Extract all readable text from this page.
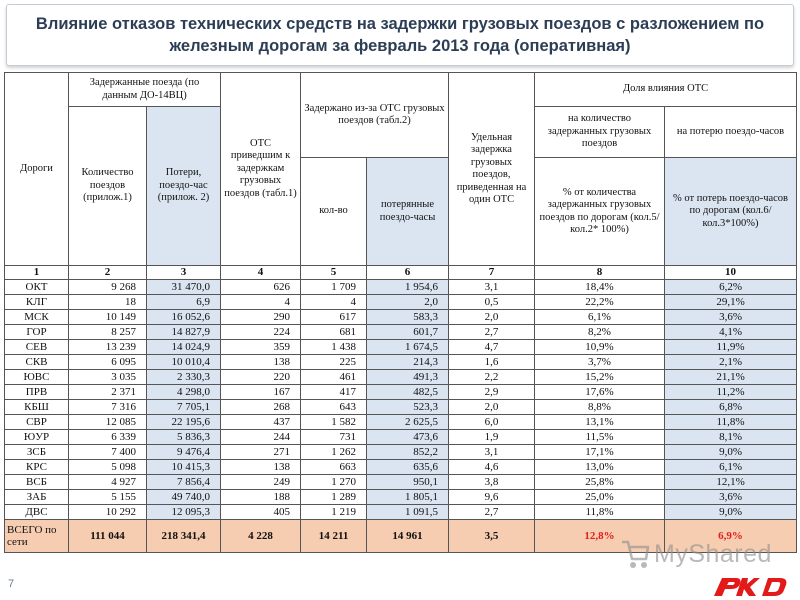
Влияние отказов технических средств на задержки грузовых поездов с разложением по железным дорогам за февраль 2013 года (оперативная)
Дороги	Задержанные поезда (по данным ДО-14ВЦ)		ОТС приведшим к задержкам грузовых поездов (табл.1)	Задержано из-за ОТС грузовых поездов (табл.2)		Удельная задержка грузовых поездов, приведенная на один ОТС	Доля влияния ОТС	
	Количество поездов (прилож.1)	Потери, поездо-час (прилож. 2)					на количество задержанных грузовых поездов	на потерю поездо-часов
				кол-во	потерянные поездо-часы		% от количества задержанных грузовых поездов по дорогам (кол.5/кол.2* 100%)	% от потерь поездо-часов по дорогам (кол.6/кол.3*100%)
1	2	3	4	5	6	7	8	10
ОКТ	9 268	31 470,0	626	1 709	1 954,6	3,1	18,4%	6,2%
КЛГ	18	6,9	4	4	2,0	0,5	22,2%	29,1%
МСК	10 149	16 052,6	290	617	583,3	2,0	6,1%	3,6%
ГОР	8 257	14 827,9	224	681	601,7	2,7	8,2%	4,1%
СЕВ	13 239	14 024,9	359	1 438	1 674,5	4,7	10,9%	11,9%
СКВ	6 095	10 010,4	138	225	214,3	1,6	3,7%	2,1%
ЮВС	3 035	2 330,3	220	461	491,3	2,2	15,2%	21,1%
ПРВ	2 371	4 298,0	167	417	482,5	2,9	17,6%	11,2%
КБШ	7 316	7 705,1	268	643	523,3	2,0	8,8%	6,8%
СВР	12 085	22 195,6	437	1 582	2 625,5	6,0	13,1%	11,8%
ЮУР	6 339	5 836,3	244	731	473,6	1,9	11,5%	8,1%
ЗСБ	7 400	9 476,4	271	1 262	852,2	3,1	17,1%	9,0%
КРС	5 098	10 415,3	138	663	635,6	4,6	13,0%	6,1%
ВСБ	4 927	7 856,4	249	1 270	950,1	3,8	25,8%	12,1%
ЗАБ	5 155	49 740,0	188	1 289	1 805,1	9,6	25,0%	3,6%
ДВС	10 292	12 095,3	405	1 219	1 091,5	2,7	11,8%	9,0%
ВСЕГО по сети	111 044	218 341,4	4 228	14 211	14 961	3,5	12,8%	6,9%
7
MyShared
